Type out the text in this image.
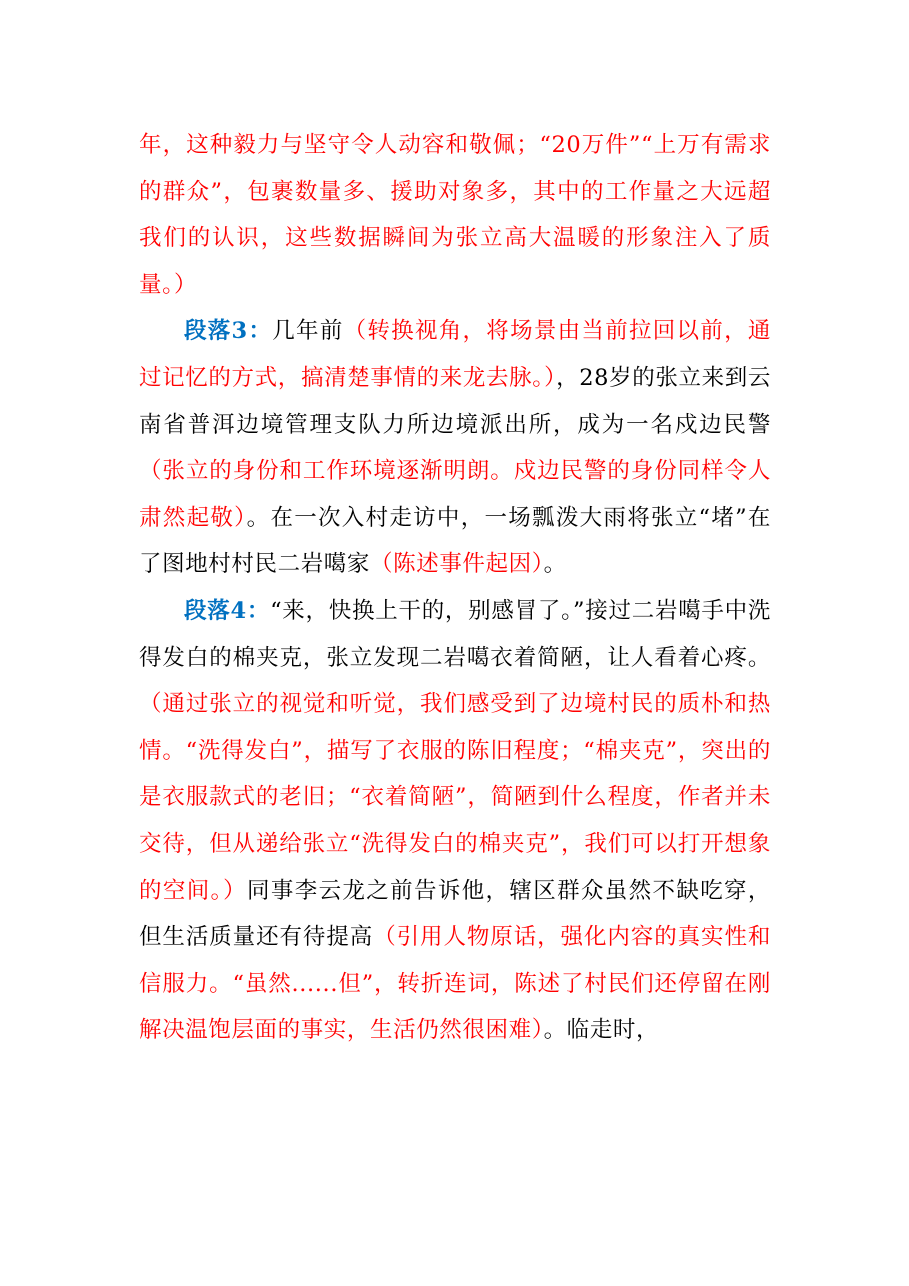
年，这种毅力与坚守令人动容和敬佩；“20万件”“上万有需求的群众”，包裹数量多、援助对象多，其中的工作量之大远超我们的认识，这些数据瞬间为张立高大温暖的形象注入了质量。）

段落3：几年前（转换视角，将场景由当前拉回以前，通过记忆的方式，搞清楚事情的来龙去脉。），28岁的张立来到云南省普洱边境管理支队力所边境派出所，成为一名戍边民警（张立的身份和工作环境逐渐明朗。戍边民警的身份同样令人肃然起敬）。在一次入村走访中，一场瓢泼大雨将张立“堵”在了图地村村民二岩噶家（陈述事件起因）。

段落4：“来，快换上干的，别感冒了。”接过二岩噶手中洗得发白的棉夹克，张立发现二岩噶衣着简陋，让人看着心疼。（通过张立的视觉和听觉，我们感受到了边境村民的质朴和热情。“洗得发白”，描写了衣服的陈旧程度；“棉夹克”，突出的是衣服款式的老旧；“衣着简陋”，简陋到什么程度，作者并未交待，但从递给张立“洗得发白的棉夹克”，我们可以打开想象的空间。）同事李云龙之前告诉他，辖区群众虽然不缺吃穿，但生活质量还有待提高（引用人物原话，强化内容的真实性和信服力。“虽然......但”，转折连词，陈述了村民们还停留在刚解决温饱层面的事实，生活仍然很困难）。临走时，
